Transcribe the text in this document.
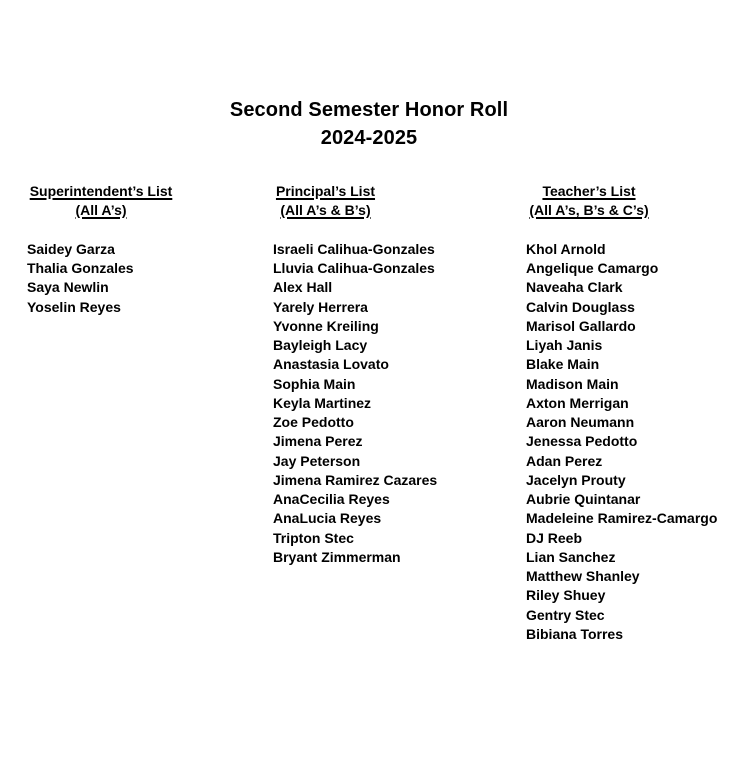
Second Semester Honor Roll
2024-2025
Superintendent’s List
(All A’s)
Saidey Garza
Thalia Gonzales
Saya Newlin
Yoselin Reyes
Principal’s List
(All A’s & B’s)
Israeli Calihua-Gonzales
Lluvia Calihua-Gonzales
Alex Hall
Yarely Herrera
Yvonne Kreiling
Bayleigh Lacy
Anastasia Lovato
Sophia Main
Keyla Martinez
Zoe Pedotto
Jimena Perez
Jay Peterson
Jimena Ramirez Cazares
AnaCecilia Reyes
AnaLucia Reyes
Tripton Stec
Bryant Zimmerman
Teacher’s List
(All A’s, B’s & C’s)
Khol Arnold
Angelique Camargo
Naveaha Clark
Calvin Douglass
Marisol Gallardo
Liyah Janis
Blake Main
Madison Main
Axton Merrigan
Aaron Neumann
Jenessa Pedotto
Adan Perez
Jacelyn Prouty
Aubrie Quintanar
Madeleine Ramirez-Camargo
DJ Reeb
Lian Sanchez
Matthew Shanley
Riley Shuey
Gentry Stec
Bibiana Torres
